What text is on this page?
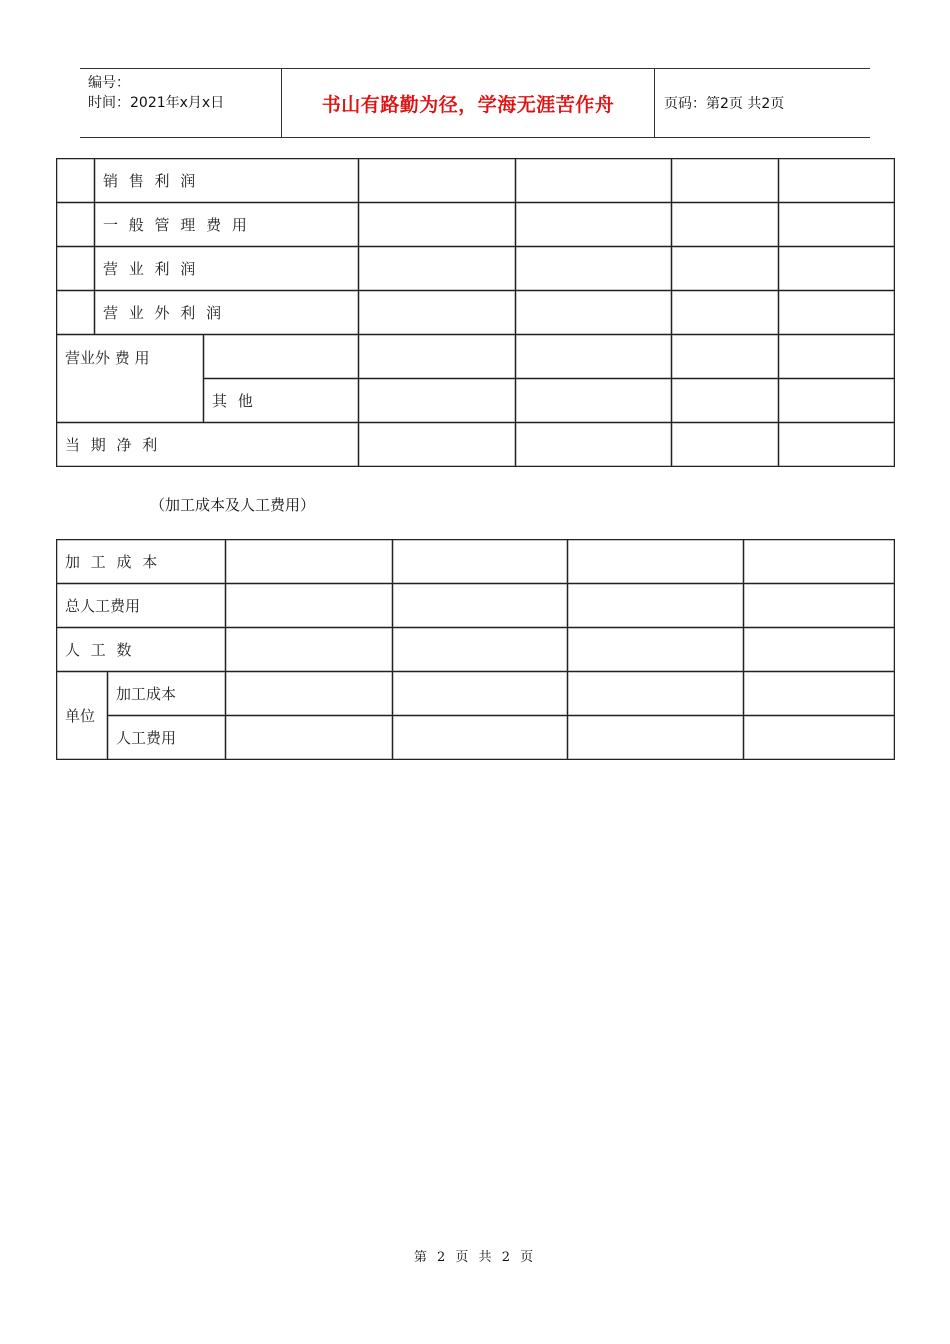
编号：
时间：2021年x月x日	书山有路勤为径，学海无涯苦作舟	页码：第2页 共2页
	销 售 利 润					
	一 般 管 理 费 用					
	营 业 利 润					
	营 业 外 利 润					
营业外 费 用						
		其 他				
当 期 净 利						
（加工成本及人工费用）
加 工 成 本					
总人工费用					
人 工 数					
单位	加工成本				
	人工费用				
第 2 页 共 2 页
